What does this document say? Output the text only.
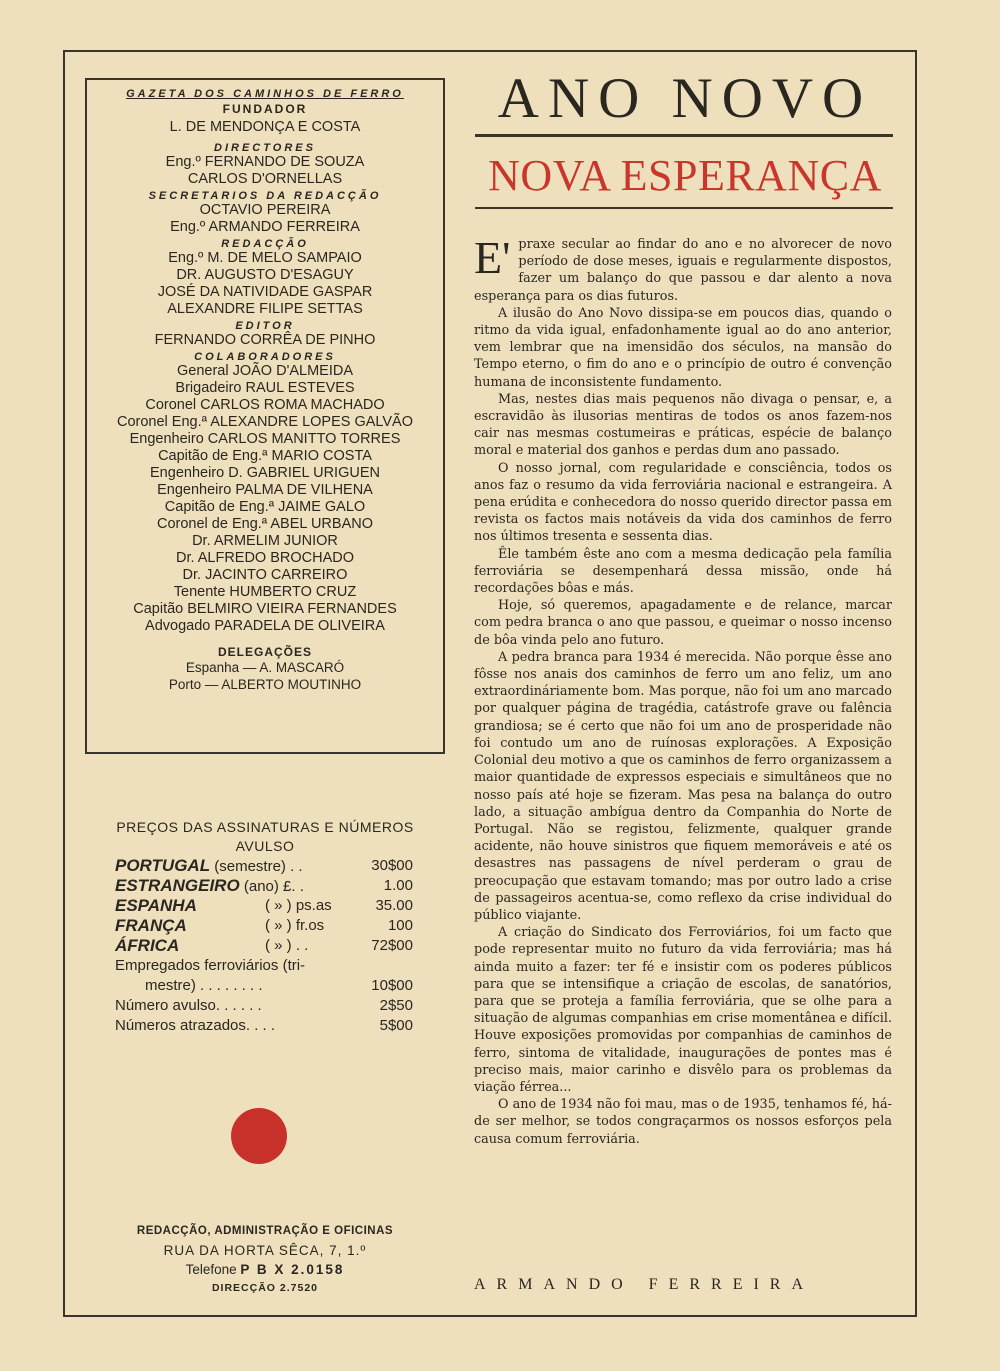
GAZETA DOS CAMINHOS DE FERRO
FUNDADOR
L. DE MENDONÇA E COSTA
DIRECTORES
Eng.º FERNANDO DE SOUZA
CARLOS D'ORNELLAS
SECRETARIOS DA REDACÇÃO
OCTAVIO PEREIRA
Eng.º ARMANDO FERREIRA
REDACÇÃO
Eng.º M. DE MELO SAMPAIO
DR. AUGUSTO D'ESAGUY
JOSÉ DA NATIVIDADE GASPAR
ALEXANDRE FILIPE SETTAS
EDITOR
FERNANDO CORRÊA DE PINHO
COLABORADORES
General JOÃO D'ALMEIDA
Brigadeiro RAUL ESTEVES
Coronel CARLOS ROMA MACHADO
Coronel Eng.ª ALEXANDRE LOPES GALVÃO
Engenheiro CARLOS MANITTO TORRES
Capitão de Eng.ª MARIO COSTA
Engenheiro D. GABRIEL URIGUEN
Engenheiro PALMA DE VILHENA
Capitão de Eng.ª JAIME GALO
Coronel de Eng.ª ABEL URBANO
Dr. ARMELIM JUNIOR
Dr. ALFREDO BROCHADO
Dr. JACINTO CARREIRO
Tenente HUMBERTO CRUZ
Capitão BELMIRO VIEIRA FERNANDES
Advogado PARADELA DE OLIVEIRA
DELEGAÇÕES
Espanha — A. MASCARÓ
Porto — ALBERTO MOUTINHO
PREÇOS DAS ASSINATURAS E NÚMEROS
AVULSO
PORTUGAL (semestre) . .	30$00
ESTRANGEIRO (ano) £. .	1.00
ESPANHA	( » ) ps.as	35.00
FRANÇA	( » ) fr.os	100
ÁFRICA	( » ) . .	72$00
Empregados ferroviários (tri-
mestre) . . . . . . . .	10$00
Número avulso. . . . . .	2$50
Números atrazados. . . .	5$00
REDACÇÃO, ADMINISTRAÇÃO E OFICINAS
RUA DA HORTA SÊCA, 7, 1.º
Telefone P B X 2.0158
DIRECÇÃO 2.7520
ANO NOVO
NOVA ESPERANÇA

E' praxe secular ao findar do ano e no alvorecer de novo período de dose meses, iguais e regularmente dispostos, fazer um balanço do que passou e dar alento a nova esperança para os dias futuros.

A ilusão do Ano Novo dissipa-se em poucos dias, quando o ritmo da vida igual, enfadonhamente igual ao do ano anterior, vem lembrar que na imensidão dos séculos, na mansão do Tempo eterno, o fim do ano e o princípio de outro é convenção humana de inconsistente fundamento.

Mas, nestes dias mais pequenos não divaga o pensar, e, a escravidão às ilusorias mentiras de todos os anos fazem-nos cair nas mesmas costumeiras e práticas, espécie de balanço moral e material dos ganhos e perdas dum ano passado.

O nosso jornal, com regularidade e consciência, todos os anos faz o resumo da vida ferroviária nacional e estrangeira. A pena erúdita e conhecedora do nosso querido director passa em revista os factos mais notáveis da vida dos caminhos de ferro nos últimos tresenta e sessenta dias.

Êle também êste ano com a mesma dedicação pela família ferroviária se desempenhará dessa missão, onde há recordações bôas e más.

Hoje, só queremos, apagadamente e de relance, marcar com pedra branca o ano que passou, e queimar o nosso incenso de bôa vinda pelo ano futuro.

A pedra branca para 1934 é merecida. Não porque êsse ano fôsse nos anais dos caminhos de ferro um ano feliz, um ano extraordináriamente bom. Mas porque, não foi um ano marcado por qualquer página de tragédia, catástrofe grave ou falência grandiosa; se é certo que não foi um ano de prosperidade não foi contudo um ano de ruínosas explorações. A Exposição Colonial deu motivo a que os caminhos de ferro organizassem a maior quantidade de expressos especiais e simultâneos que no nosso país até hoje se fizeram. Mas pesa na balança do outro lado, a situação ambígua dentro da Companhia do Norte de Portugal. Não se registou, felizmente, qualquer grande acidente, não houve sinistros que fiquem memoráveis e até os desastres nas passagens de nível perderam o grau de preocupação que estavam tomando; mas por outro lado a crise de passageiros acentua-se, como reflexo da crise individual do público viajante.

A criação do Sindicato dos Ferroviários, foi um facto que pode representar muito no futuro da vida ferroviária; mas há ainda muito a fazer: ter fé e insistir com os poderes públicos para que se intensifique a criação de escolas, de sanatórios, para que se proteja a família ferroviária, que se olhe para a situação de algumas companhias em crise momentânea e difícil. Houve exposições promovidas por companhias de caminhos de ferro, sintoma de vitalidade, inaugurações de pontes mas é preciso mais, maior carinho e disvêlo para os problemas da viação férrea...

O ano de 1934 não foi mau, mas o de 1935, tenhamos fé, há-de ser melhor, se todos congraçarmos os nossos esforços pela causa comum ferroviária.

ARMANDO FERREIRA
